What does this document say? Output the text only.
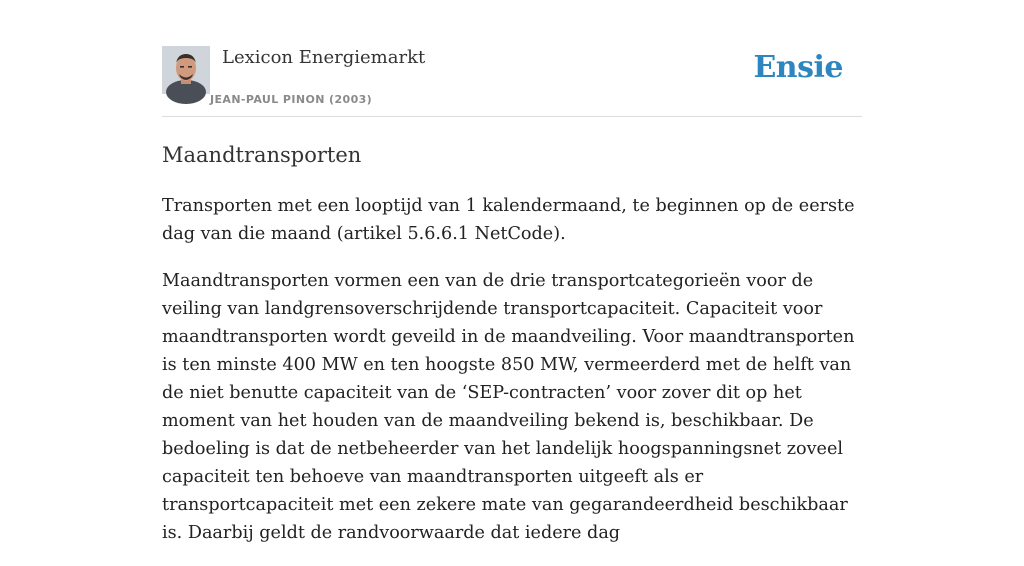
Lexicon Energiemarkt
JEAN-PAUL PINON (2003)
Ensie
Maandtransporten

Transporten met een looptijd van 1 kalendermaand, te beginnen op de eerste dag van die maand (artikel 5.6.6.1 NetCode).

Maandtransporten vormen een van de drie transportcategorieën voor de veiling van landgrensoverschrijdende transportcapaciteit. Capaciteit voor maandtransporten wordt geveild in de maandveiling. Voor maandtransporten is ten minste 400 MW en ten hoogste 850 MW, vermeerderd met de helft van de niet benutte capaciteit van de ‘SEP-contracten’ voor zover dit op het moment van het houden van de maandveiling bekend is, beschikbaar. De bedoeling is dat de netbeheerder van het landelijk hoogspanningsnet zoveel capaciteit ten behoeve van maandtransporten uitgeeft als er transportcapaciteit met een zekere mate van gegarandeerdheid beschikbaar is. Daarbij geldt de randvoorwaarde dat iedere dag
